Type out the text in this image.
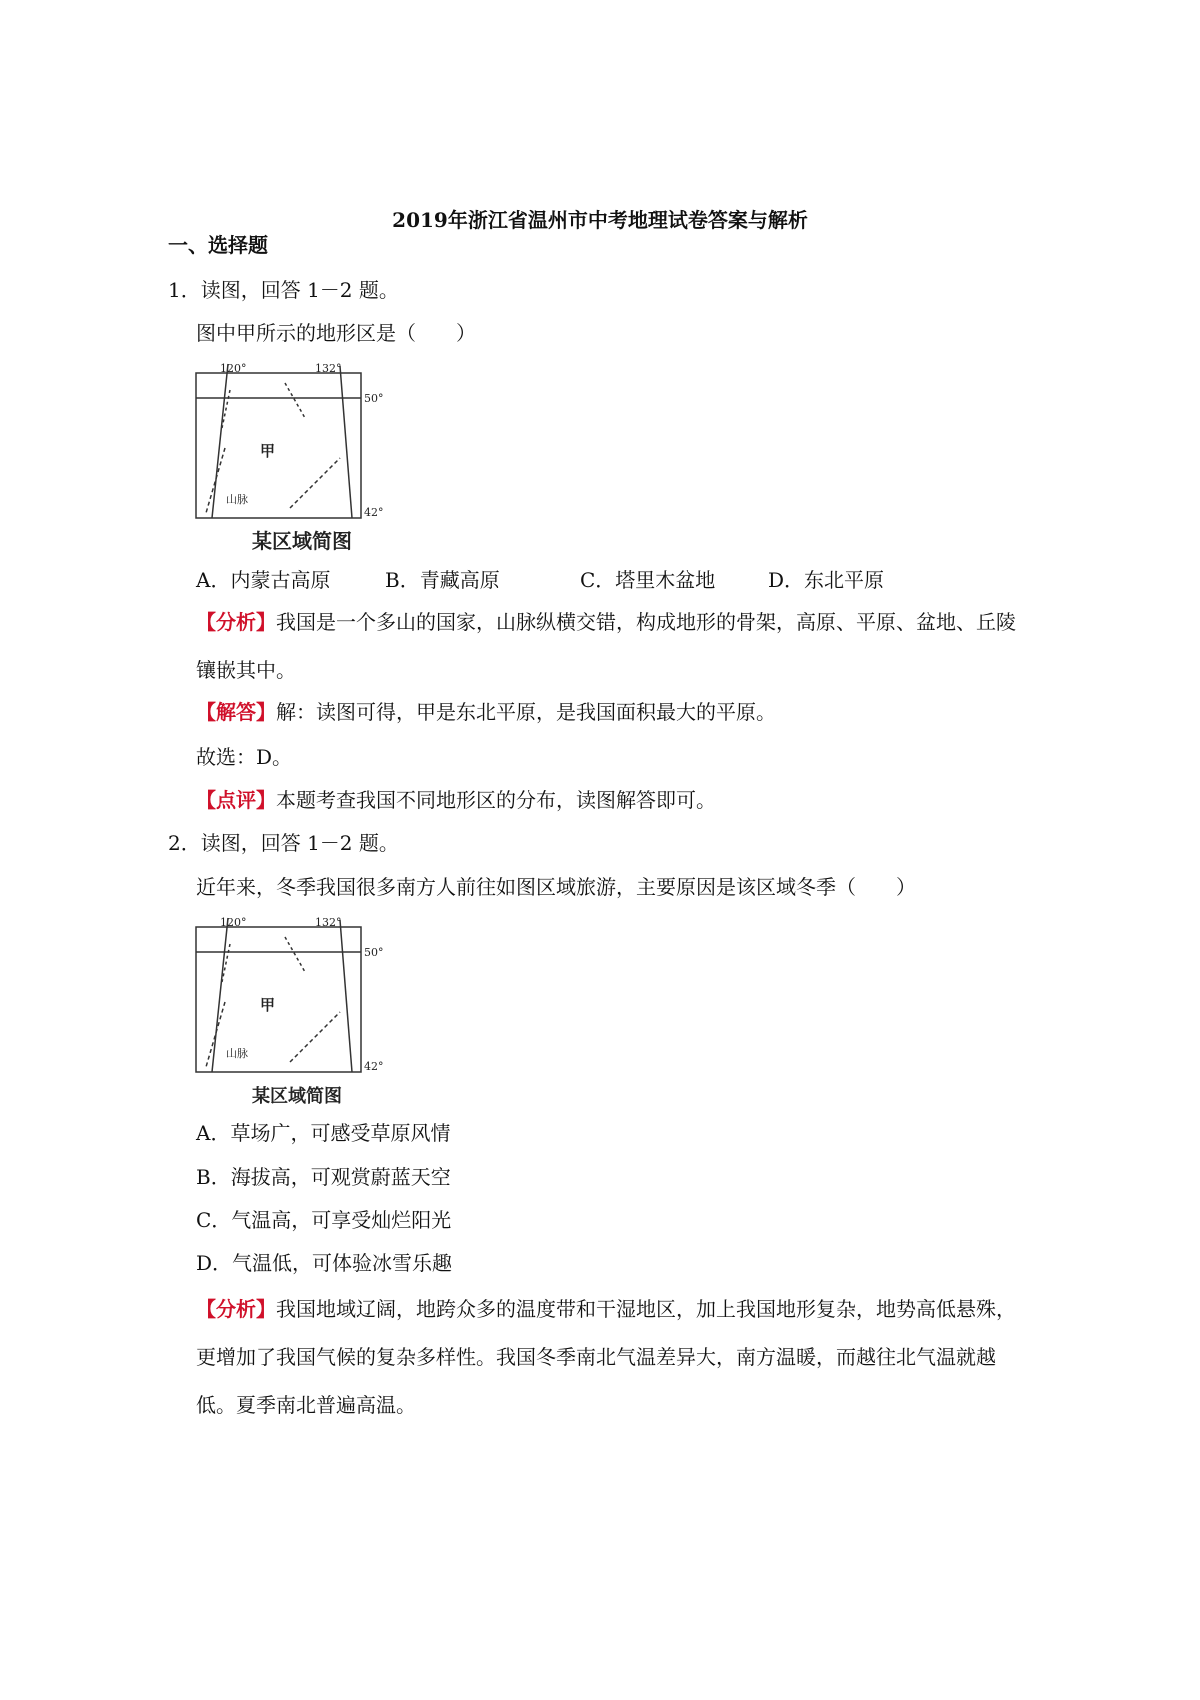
2019年浙江省温州市中考地理试卷答案与解析
一、选择题
1．读图，回答 1－2 题。
图中甲所示的地形区是（　　）
120°	132°
50°
42°
甲
山脉
某区域简图
A．内蒙古高原	B．青藏高原	C．塔里木盆地	D．东北平原
【分析】我国是一个多山的国家，山脉纵横交错，构成地形的骨架，高原、平原、盆地、丘陵镶嵌其中。
【解答】解：读图可得，甲是东北平原，是我国面积最大的平原。
故选：D。
【点评】本题考查我国不同地形区的分布，读图解答即可。
2．读图，回答 1－2 题。
近年来，冬季我国很多南方人前往如图区域旅游，主要原因是该区域冬季（　　）
120°	132°
50°
42°
甲
山脉
某区域简图
A．草场广，可感受草原风情
B．海拔高，可观赏蔚蓝天空
C．气温高，可享受灿烂阳光
D．气温低，可体验冰雪乐趣
【分析】我国地域辽阔，地跨众多的温度带和干湿地区，加上我国地形复杂，地势高低悬殊，更增加了我国气候的复杂多样性。我国冬季南北气温差异大，南方温暖，而越往北气温就越低。夏季南北普遍高温。
